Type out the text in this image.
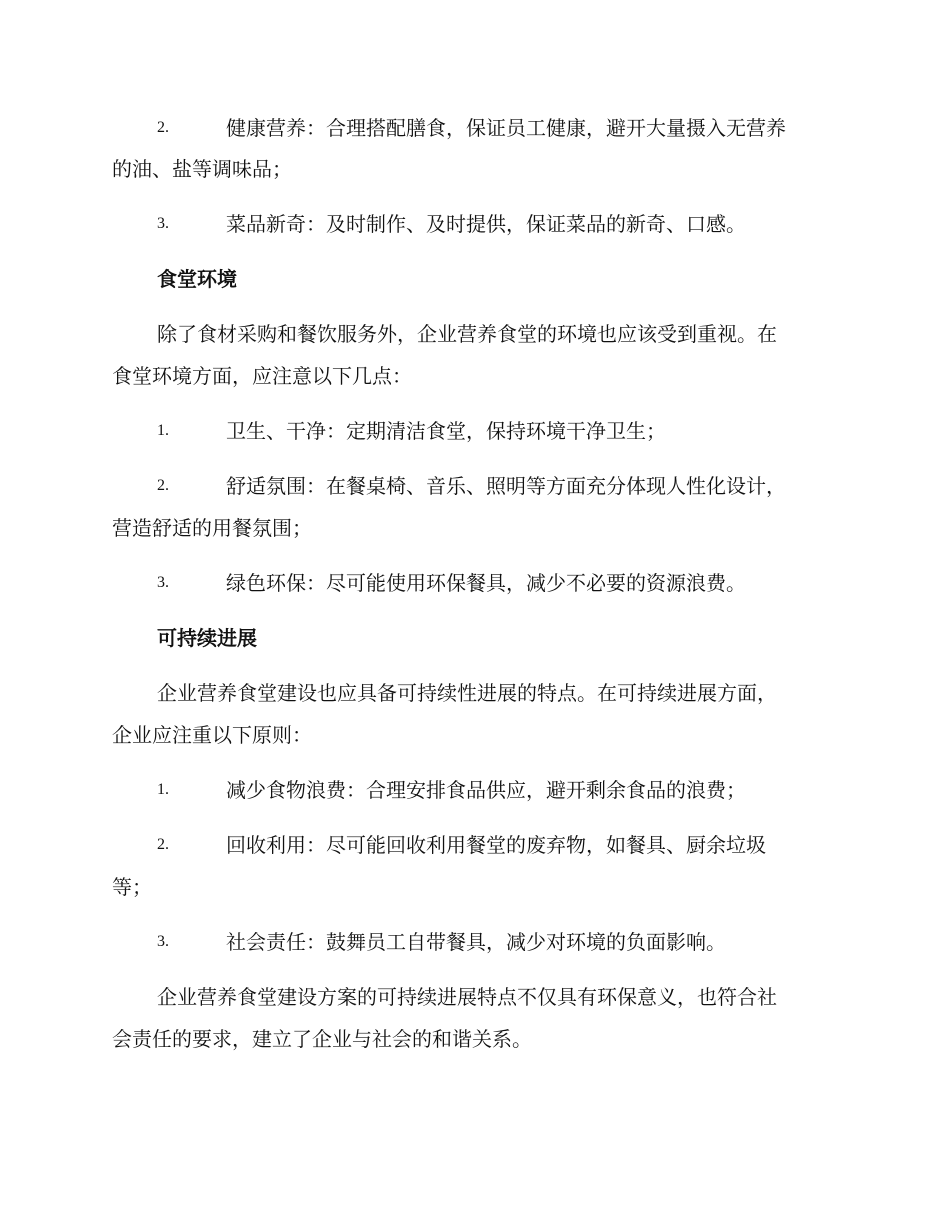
2.	健康营养：合理搭配膳食，保证员工健康，避开大量摄入无营养
的油、盐等调味品；
3.	菜品新奇：及时制作、及时提供，保证菜品的新奇、口感。
食堂环境
除了食材采购和餐饮服务外，企业营养食堂的环境也应该受到重视。在
食堂环境方面，应注意以下几点：
1.	卫生、干净：定期清洁食堂，保持环境干净卫生；
2.	舒适氛围：在餐桌椅、音乐、照明等方面充分体现人性化设计，
营造舒适的用餐氛围；
3.	绿色环保：尽可能使用环保餐具，减少不必要的资源浪费。
可持续进展
企业营养食堂建设也应具备可持续性进展的特点。在可持续进展方面，
企业应注重以下原则：
1.	减少食物浪费：合理安排食品供应，避开剩余食品的浪费；
2.	回收利用：尽可能回收利用餐堂的废弃物，如餐具、厨余垃圾
等；
3.	社会责任：鼓舞员工自带餐具，减少对环境的负面影响。
企业营养食堂建设方案的可持续进展特点不仅具有环保意义，也符合社
会责任的要求，建立了企业与社会的和谐关系。
